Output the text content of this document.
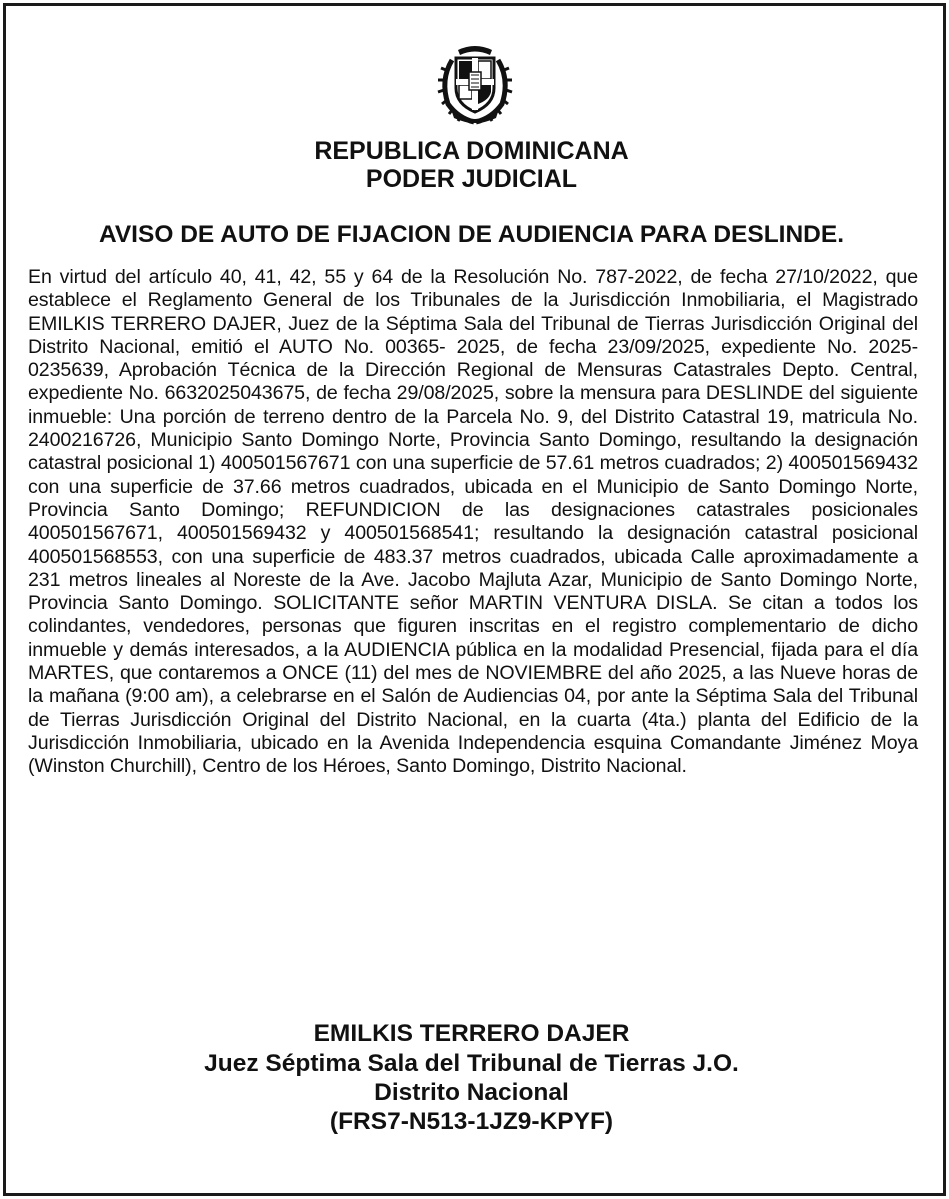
REPUBLICA DOMINICANA
PODER JUDICIAL
AVISO DE AUTO DE FIJACION DE AUDIENCIA PARA DESLINDE.
En virtud del artículo 40, 41, 42, 55 y 64 de la Resolución No. 787-2022, de fecha 27/10/2022, que establece el Reglamento General de los Tribunales de la Jurisdicción Inmobiliaria, el Magistrado EMILKIS TERRERO DAJER, Juez de la Séptima Sala del Tribunal de Tierras Jurisdicción Original del Distrito Nacional, emitió el AUTO No. 00365- 2025, de fecha 23/09/2025, expediente No. 2025-0235639, Aprobación Técnica de la Dirección Regional de Mensuras Catastrales Depto. Central, expediente No. 6632025043675, de fecha 29/08/2025, sobre la mensura para DESLINDE del siguiente inmueble: Una porción de terreno dentro de la Parcela No. 9, del Distrito Catastral 19, matricula No. 2400216726, Municipio Santo Domingo Norte, Provincia Santo Domingo, resultando la designación catastral posicional 1) 400501567671 con una superficie de 57.61 metros cuadrados; 2) 400501569432 con una superficie de 37.66 metros cuadrados, ubicada en el Municipio de Santo Domingo Norte, Provincia Santo Domingo; REFUNDICION de las designaciones catastrales posicionales 400501567671, 400501569432 y 400501568541; resultando la designación catastral posicional 400501568553, con una superficie de 483.37 metros cuadrados, ubicada Calle aproximadamente a 231 metros lineales al Noreste de la Ave. Jacobo Majluta Azar, Municipio de Santo Domingo Norte, Provincia Santo Domingo. SOLICITANTE señor MARTIN VENTURA DISLA. Se citan a todos los colindantes, vendedores, personas que figuren inscritas en el registro complementario de dicho inmueble y demás interesados, a la AUDIENCIA pública en la modalidad Presencial, fijada para el día MARTES, que contaremos a ONCE (11) del mes de NOVIEMBRE del año 2025, a las Nueve horas de la mañana (9:00 am), a celebrarse en el Salón de Audiencias 04, por ante la Séptima Sala del Tribunal de Tierras Jurisdicción Original del Distrito Nacional, en la cuarta (4ta.) planta del Edificio de la Jurisdicción Inmobiliaria, ubicado en la Avenida Independencia esquina Comandante Jiménez Moya (Winston Churchill), Centro de los Héroes, Santo Domingo, Distrito Nacional.
EMILKIS TERRERO DAJER
Juez Séptima Sala del Tribunal de Tierras J.O.
Distrito Nacional
(FRS7-N513-1JZ9-KPYF)
